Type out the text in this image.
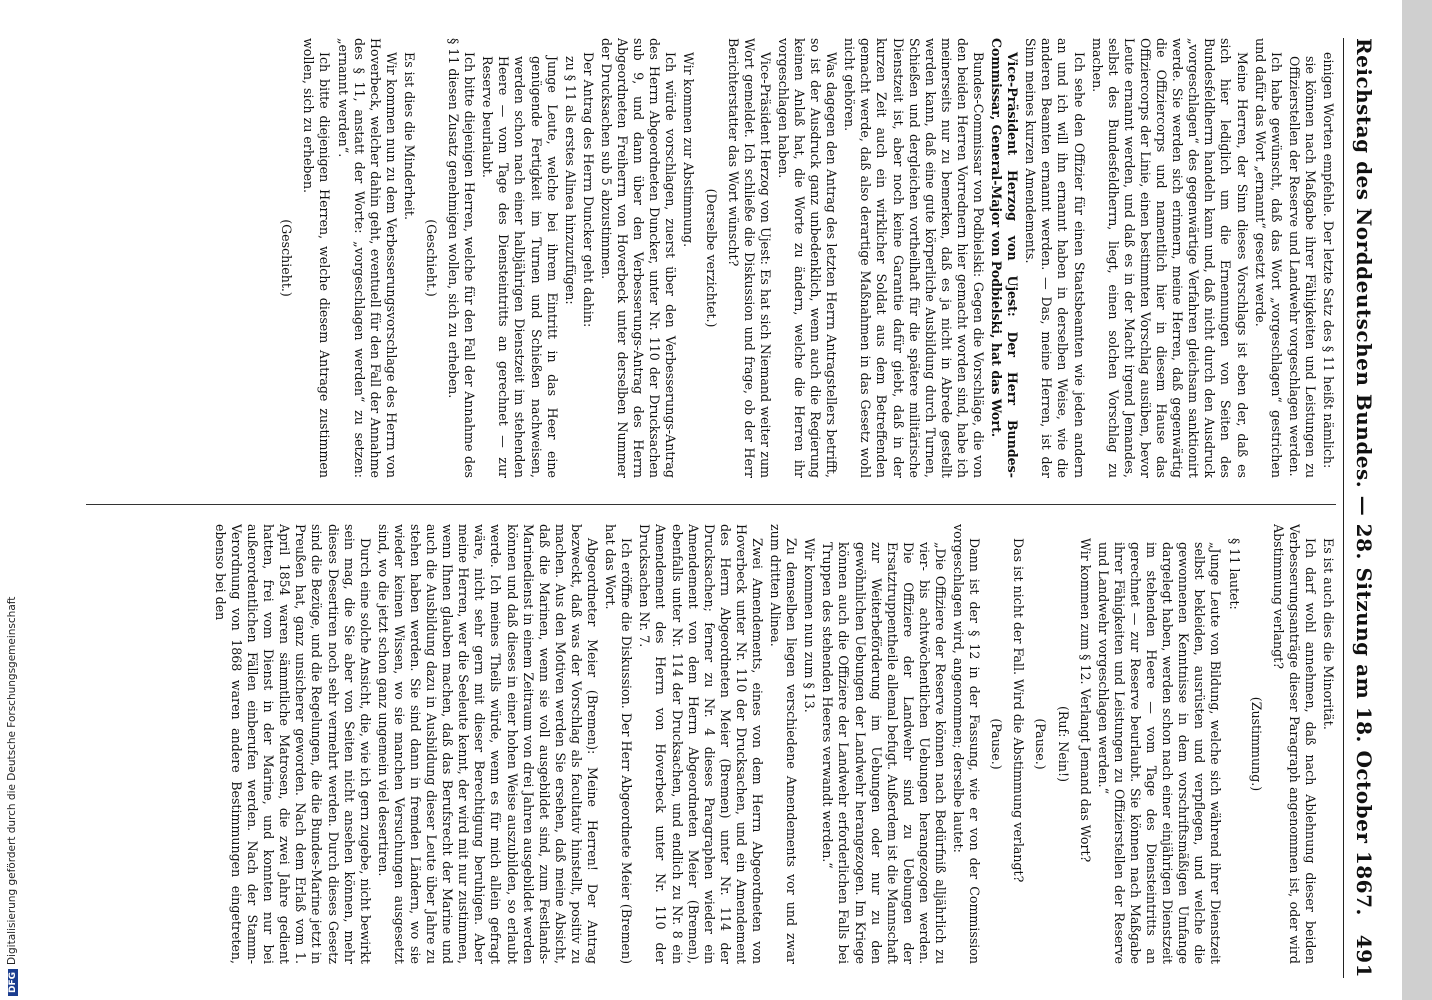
Reichstag des Norddeutschen Bundes. — 28. Sitzung am 18. October 1867.
491

einigen Worten empfehle. Der letzte Satz des § 11 heißt nämlich:

sie können nach Maßgabe ihrer Fähigkeiten und Leistungen zu Offizierstellen der Reserve und Landwehr vorgeschlagen werden.

Ich habe gewünscht, daß das Wort „vorgeschlagen“ gestrichen und dafür das Wort „ernannt“ gesetzt werde.

Meine Herren, der Sinn dieses Vorschlags ist eben der, daß es sich hier lediglich um die Ernennungen von Seiten des Bundesfeldherrn handeln kann und, daß nicht durch den Ausdruck „vorgeschlagen“ des gegenwärtige Verfahren gleichsam sanktionirt werde. Sie werden sich erinnern, meine Herren, daß gegenwärtig die Offiziercorps und namentlich hier in diesem Hause das Offiziercorps der Linie, einen bestimmten Vorschlag ausüben, bevor Leute ernannt werden, und daß es in der Macht irgend Jemandes, selbst des Bundesfeldherrn, liegt, einen solchen Vorschlag zu machen.

Ich sehe den Offizier für einen Staatsbeamten wie jeden andern an und ich will ihn ernannt haben in derselben Weise, wie die anderen Beamten ernannt werden. — Das, meine Herren, ist der Sinn meines kurzen Amendements.

Vice-Präsident Herzog von Ujest: Der Herr Bundes-Commissar, General-Major von Podbielski, hat das Wort.

Bundes-Commissar von Podbielski: Gegen die Vorschläge, die von den beiden Herren Vorrednern hier gemacht worden sind, habe ich meinerseits nur zu bemerken, daß es ja nicht in Abrede gestellt werden kann, daß eine gute körperliche Ausbildung durch Turnen, Schießen und dergleichen vortheilhaft für die spätere militärische Dienstzeit ist, aber noch keine Garantie dafür giebt, daß in der kurzen Zeit auch ein wirklicher Soldat aus dem Betreffenden gemacht werde, daß also derartige Maßnahmen in das Gesetz wohl nicht gehören.

Was dagegen den Antrag des letzten Herrn Antragstellers betrifft, so ist der Ausdruck ganz unbedenklich, wenn auch die Regierung keinen Anlaß hat, die Worte zu ändern, welche die Herren ihr vorgeschlagen haben.

Vice-Präsident Herzog von Ujest: Es hat sich Niemand weiter zum Wort gemeldet. Ich schließe die Diskussion und frage, ob der Herr Berichterstatter das Wort wünscht?

(Derselbe verzichtet.)

Wir kommen zur Abstimmung.

Ich würde vorschlagen, zuerst über den Verbesserungs-Antrag des Herrn Abgeordneten Duncker, unter Nr. 110 der Drucksachen sub 9, und dann über den Verbesserungs-Antrag des Herrn Abgeordneten Freiherrn von Hoverbeck unter derselben Nummer der Drucksachen sub 5 abzustimmen.

Der Antrag des Herrn Duncker geht dahin:

zu § 11 als erstes Alinea hinzuzufügen:

Junge Leute, welche bei ihrem Eintritt in das Heer eine genügende Fertigkeit im Turnen und Schießen nachweisen, werden schon nach einer halbjährigen Dienstzeit im stehenden Heere — vom Tage des Diensteintritts an gerechnet — zur Reserve beurlaubt.

Ich bitte diejenigen Herren, welche für den Fall der Annahme des § 11 diesen Zusatz genehmigen wollen, sich zu erheben.

(Geschieht.)

Es ist dies die Minderheit.

Wir kommen nun zu dem Verbesserungsvorschlage des Herrn von Hoverbeck, welcher dahin geht, eventuell für den Fall der Annahme des § 11, anstatt der Worte: „vorgeschlagen werden“ zu setzen: „ernannt werden“.

Ich bitte diejenigen Herren, welche diesem Antrage zustimmen wollen, sich zu erheben.

(Geschieht.)

Es ist auch dies die Minorität.

Ich darf wohl annehmen, daß nach Ablehnung dieser beiden Verbesserungsanträge dieser Paragraph angenommen ist, oder wird Abstimmung verlangt?

(Zustimmung.)

§ 11 lautet:

„Junge Leute von Bildung, welche sich während ihrer Dienstzeit selbst bekleiden, ausrüsten und verpflegen, und welche die gewonnenen Kenntnisse in dem vorschriftsmäßigen Umfange dargelegt haben, werden schon nach einer einjährigen Dienstzeit im stehenden Heere — vom Tage des Diensteintritts an gerechnet — zur Reserve beurlaubt. Sie können nach Maßgabe ihrer Fähigkeiten und Leistungen zu Offizierstellen der Reserve und Landwehr vorgeschlagen werden.“

Wir kommen zum § 12. Verlangt Jemand das Wort?

(Ruf: Nein!)

(Pause.)

Das ist nicht der Fall. Wird die Abstimmung verlangt?

(Pause.)

Dann ist der § 12 in der Fassung, wie er von der Commission vorgeschlagen wird, angenommen; derselbe lautet:

„Die Offiziere der Reserve können nach Bedürfniß alljährlich zu vier- bis achtwöchentlichen Uebungen herangezogen werden. Die Offiziere der Landwehr sind zu Uebungen der Ersatztruppentheile allemal befugt. Außerdem ist die Mannschaft zur Weiterbeförderung im Uebungen oder nur zu den gewöhnlichen Uebungen der Landwehr herangezogen. Im Kriege können auch die Offiziere der Landwehr erforderlichen Falls bei Truppen des stehenden Heeres verwandt werden.“

Wir kommen nun zum § 13.

Zu demselben liegen verschiedene Amendements vor und zwar zum dritten Alinea.

Zwei Amendements, eines von dem Herrn Abgeordneten von Hoverbeck unter Nr. 110 der Drucksachen, und ein Amendement des Herrn Abgeordneten Meier (Bremen) unter Nr. 114 der Drucksachen; ferner zu Nr. 4 dieses Paragraphen wieder ein Amendement von dem Herrn Abgeordneten Meier (Bremen), ebenfalls unter Nr. 114 der Drucksachen, und endlich zu Nr. 8 ein Amendement des Herrn von Hoverbeck unter Nr. 110 der Drucksachen Nr. 7.

Ich eröffne die Diskussion. Der Herr Abgeordnete Meier (Bremen) hat das Wort.

Abgeordneter Meier (Bremen): Meine Herren! Der Antrag bezweckt, daß was der Vorschlag als facultativ hinstellt, positiv zu machen. Aus den Motiven werden Sie ersehen, daß meine Absicht, daß die Marinen, wenn sie voll ausgebildet sind, zum Festlands-Marinedienst in einem Zeitraum von drei Jahren ausgebildet werden können und daß dieses in einer hohen Weise auszubilden, so erlaubt werde. Ich meines Theils würde, wenn es für mich allein gefragt wäre, nicht sehr gern mit dieser Berechtigung beruhigen. Aber meine Herren, wer die Seeleute kennt, der wird mit nur zustimmen, wenn Ihnen glauben machen, daß das Berufsrecht der Marine und auch die Ausbildung dazu in Ausbildung dieser Leute über Jahre zu stehen haben werden. Sie sind dann in fremden Ländern, wo sie wieder keinen Wissen, wo sie manchen Versuchungen ausgesetzt sind, wo die jetzt schon ganz ungemein viel desertiren.

Durch eine solche Ansicht, die, wie ich gern zugebe, nicht bewirkt sein mag, die Sie aber von Seiten nicht ansehen können, mehr dieses Desertiren noch sehr vermehrt werden. Durch dieses Gesetz sind die Bezüge, und die Regelungen, die die Bundes-Marine jetzt in Preußen hat, ganz unsicherer geworden. Nach dem Erlaß vom 1. April 1854 waren sämmtliche Matrosen, die zwei Jahre gedient hatten, frei vom Dienst in der Marine, und konnten nur bei außerordentlichen Fällen einberufen werden. Nach der Stamm-Verordnung von 1868 waren andere Bestimmungen eingetreten, ebenso bei den

DFGDigitalisierung gefördert durch die Deutsche Forschungsgemeinschaft
